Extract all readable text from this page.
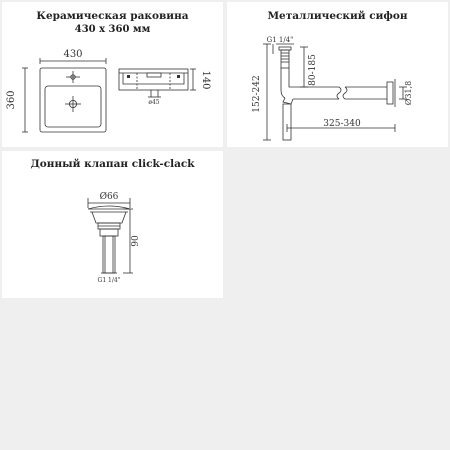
Керамическая раковина
430 х 360 мм
430
360
140
ø45
Металлический сифон
G1 1/4"
80-185
152-242
325-340
Ø31,8
Донный клапан click-clack
Ø66
90
G1 1/4"
